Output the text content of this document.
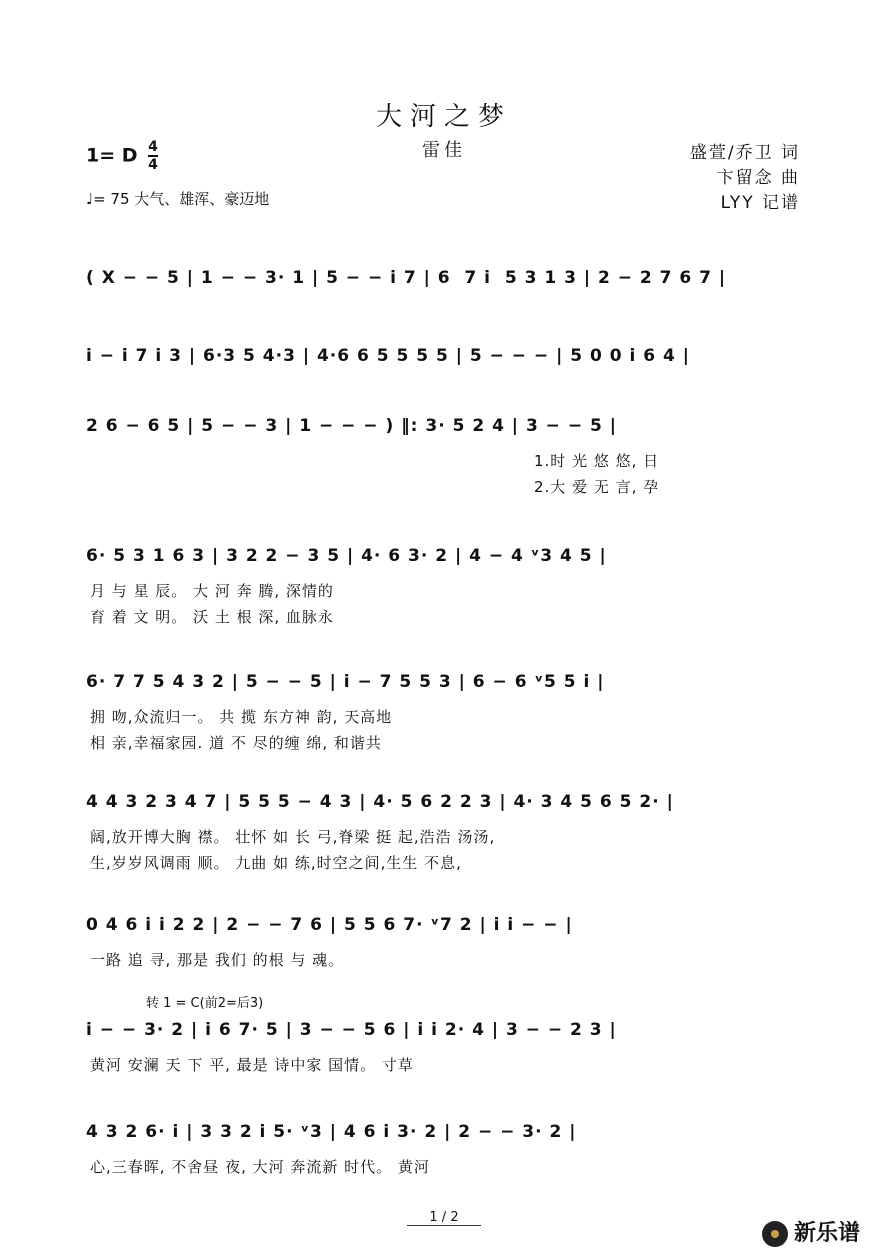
大河之梦
雷佳
1= D $\frac{4}{4}$
♩= 75 大气、雄浑、豪迈地
盛萱/乔卫 词
卞留念 曲
LYY 记谱
( X − − 5 | 1 − − 3· 1 | 5 − − i 7 | 6  7 i  5 3 1 3 | 2 − 2 7 6 7 |
i − i 7 i 3 | 6·3 5 4·3 | 4·6 6 5 5 5 5 | 5 − − − | 5 0 0 i 6 4 |
2 6 − 6 5 | 5 − − 3 | 1 − − − ) ‖: 3· 5 2 4 | 3 − − 5 |
1.时 光 悠 悠, 日
2.大 爱 无 言, 孕
6· 5 3 1 6 3 | 3 2 2 − 3 5 | 4· 6 3· 2 | 4 − 4 ᵛ3 4 5 |
月 与 星 辰。 大 河 奔 腾, 深情的
育 着 文 明。 沃 土 根 深, 血脉永
6· 7 7 5 4 3 2 | 5 − − 5 | i − 7 5 5 3 | 6 − 6 ᵛ5 5 i |
拥 吻,众流归一。 共 揽 东方神 韵, 天高地
相 亲,幸福家园. 道 不 尽的缠 绵, 和谐共
4 4 3 2 3 4 7 | 5 5 5 − 4 3 | 4· 5 6 2 2 3 | 4· 3 4 5 6 5 2· |
阔,放开博大胸 襟。 壮怀 如 长 弓,脊梁 挺 起,浩浩 汤汤,
生,岁岁风调雨 顺。 九曲 如 练,时空之间,生生 不息,
0 4 6 i i 2 2 | 2 − − 7 6 | 5 5 6 7· ᵛ7 2 | i i − − |
一路 追 寻, 那是 我们 的根 与 魂。
i − − 3· 2 | i 6 7· 5 | 3 − − 5 6 | i i 2· 4 | 3 − − 2 3 |
黄河 安澜 天 下 平, 最是 诗中家 国情。 寸草
4 3 2 6· i | 3 3 2 i 5· ᵛ3 | 4 6 i 3· 2 | 2 − − 3· 2 |
心,三春晖, 不舍昼 夜, 大河 奔流新 时代。 黄河
转 1 = C(前2=后3)
1 / 2
新乐谱
